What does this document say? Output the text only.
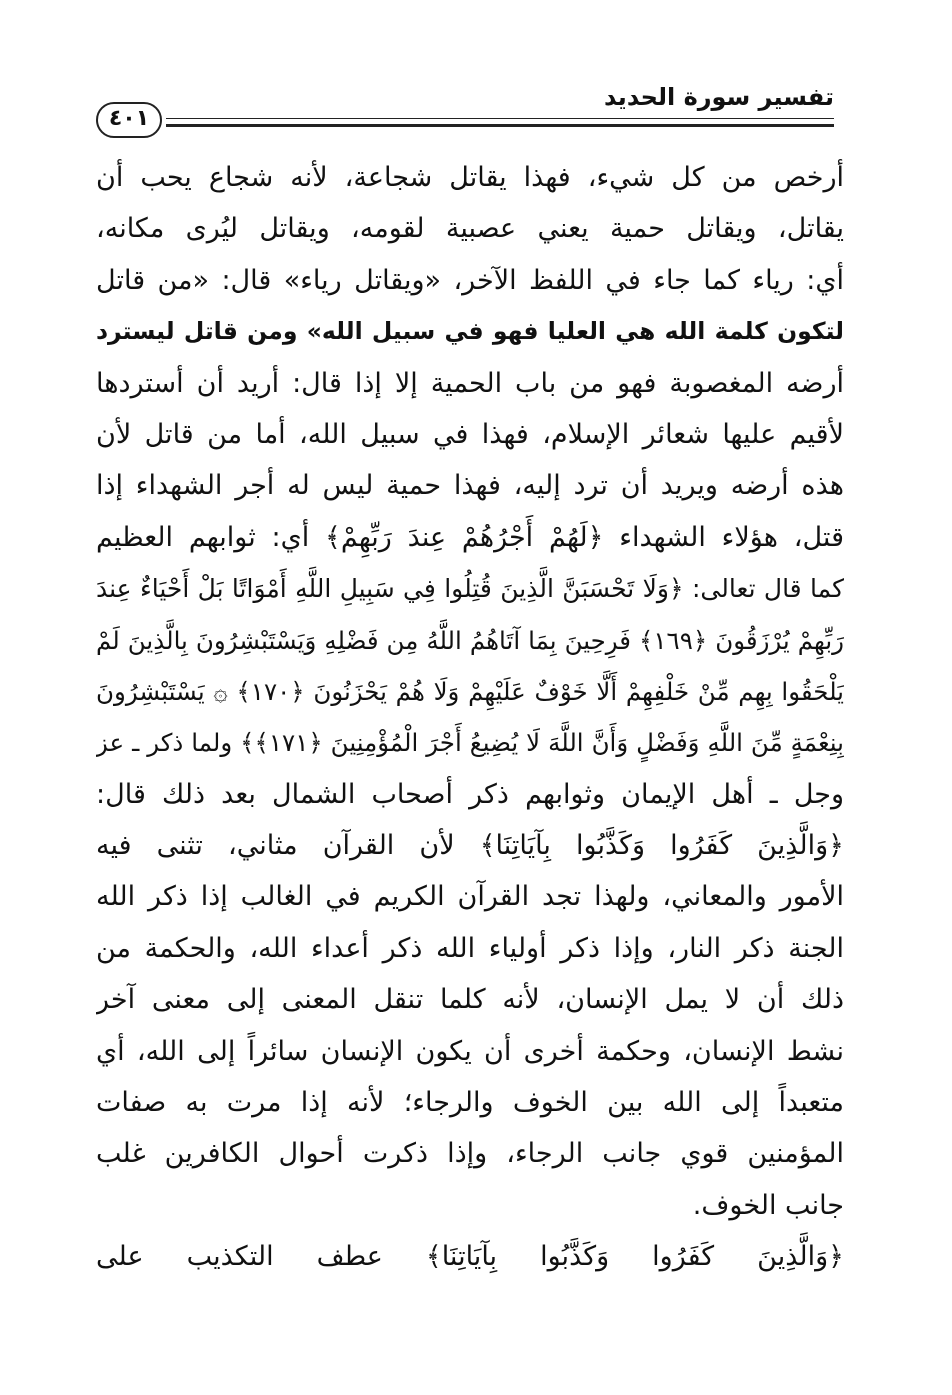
تفسير سورة الحديد
٤٠١
أرخص من كل شيء، فهذا يقاتل شجاعة، لأنه شجاع يحب أن
يقاتل، ويقاتل حمية يعني عصبية لقومه، ويقاتل ليُرى مكانه،
أي: رياء كما جاء في اللفظ الآخر، «ويقاتل رياء» قال: «من قاتل
لتكون كلمة الله هي العليا فهو في سبيل الله» ومن قاتل ليسترد
أرضه المغصوبة فهو من باب الحمية إلا إذا قال: أريد أن أستردها
لأقيم عليها شعائر الإسلام، فهذا في سبيل الله، أما من قاتل لأن
هذه أرضه ويريد أن ترد إليه، فهذا حمية ليس له أجر الشهداء إذا
قتل، هؤلاء الشهداء ﴿لَهُمْ أَجْرُهُمْ عِندَ رَبِّهِمْ﴾ أي: ثوابهم العظيم
كما قال تعالى: ﴿وَلَا تَحْسَبَنَّ الَّذِينَ قُتِلُوا فِي سَبِيلِ اللَّهِ أَمْوَاتًا بَلْ أَحْيَاءٌ عِندَ
رَبِّهِمْ يُرْزَقُونَ ﴿١٦٩﴾ فَرِحِينَ بِمَا آتَاهُمُ اللَّهُ مِن فَضْلِهِ وَيَسْتَبْشِرُونَ بِالَّذِينَ لَمْ
يَلْحَقُوا بِهِم مِّنْ خَلْفِهِمْ أَلَّا خَوْفٌ عَلَيْهِمْ وَلَا هُمْ يَحْزَنُونَ ﴿١٧٠﴾ ۞ يَسْتَبْشِرُونَ
بِنِعْمَةٍ مِّنَ اللَّهِ وَفَضْلٍ وَأَنَّ اللَّهَ لَا يُضِيعُ أَجْرَ الْمُؤْمِنِينَ ﴿١٧١﴾﴾ ولما ذكر ـ عز
وجل ـ أهل الإيمان وثوابهم ذكر أصحاب الشمال بعد ذلك قال:
﴿وَالَّذِينَ كَفَرُوا وَكَذَّبُوا بِآيَاتِنَا﴾ لأن القرآن مثاني، تثنى فيه
الأمور والمعاني، ولهذا تجد القرآن الكريم في الغالب إذا ذكر الله
الجنة ذكر النار، وإذا ذكر أولياء الله ذكر أعداء الله، والحكمة من
ذلك أن لا يمل الإنسان، لأنه كلما تنقل المعنى إلى معنى آخر
نشط الإنسان، وحكمة أخرى أن يكون الإنسان سائراً إلى الله، أي
متعبداً إلى الله بين الخوف والرجاء؛ لأنه إذا مرت به صفات
المؤمنين قوي جانب الرجاء، وإذا ذكرت أحوال الكافرين غلب
جانب الخوف.
﴿وَالَّذِينَ كَفَرُوا وَكَذَّبُوا بِآيَاتِنَا﴾ عطف التكذيب على
